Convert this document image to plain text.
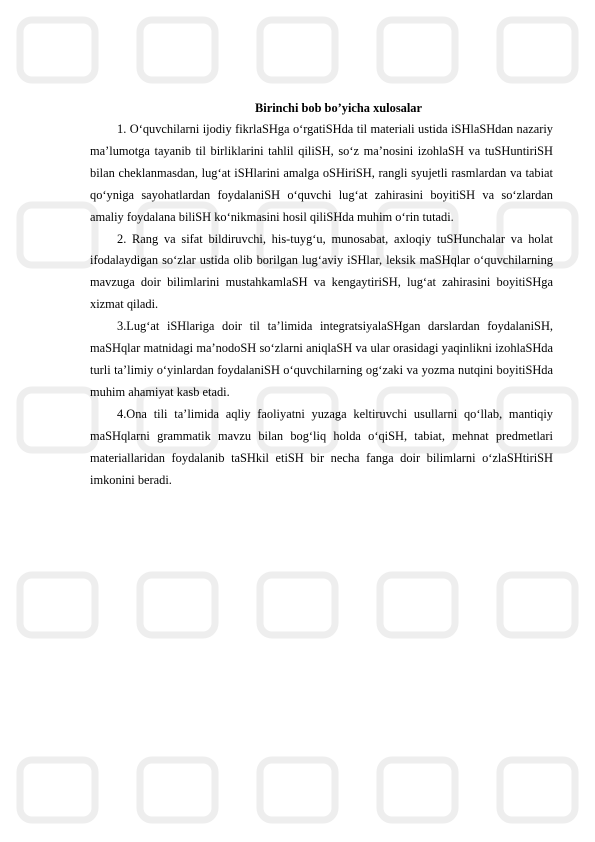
Birinchi bob bo’yicha xulosalar

1. O‘quvchilarni ijodiy fikrlaSHga o‘rgatiSHda til materiali ustida iSHlaSHdan nazariy ma’lumotga tayanib til birliklarini tahlil qiliSH, so‘z ma’nosini izohlaSH va tuSHuntiriSH bilan cheklanmasdan, lug‘at iSHlarini amalga oSHiriSH, rangli syujetli rasmlardan va tabiat qo‘yniga sayohatlardan foydalaniSH o‘quvchi lug‘at zahirasini boyitiSH va so‘zlardan amaliy foydalana biliSH ko‘nikmasini hosil qiliSHda muhim o‘rin tutadi.

2. Rang va sifat bildiruvchi, his-tuyg‘u, munosabat, axloqiy tuSHunchalar va holat ifodalaydigan so‘zlar ustida olib borilgan lug‘aviy iSHlar, leksik maSHqlar o‘quvchilarning mavzuga doir bilimlarini mustahkamlaSH va kengaytiriSH, lug‘at zahirasini boyitiSHga xizmat qiladi.

3.Lug‘at iSHlariga doir til ta’limida integratsiyalaSHgan darslardan foydalaniSH, maSHqlar matnidagi ma’nodoSH so‘zlarni aniqlaSH va ular orasidagi yaqinlikni izohlaSHda turli ta’limiy o‘yinlardan foydalaniSH o‘quvchilarning og‘zaki va yozma nutqini boyitiSHda muhim ahamiyat kasb etadi.

4.Ona tili ta’limida aqliy faoliyatni yuzaga keltiruvchi usullarni qo‘llab, mantiqiy maSHqlarni grammatik mavzu bilan bog‘liq holda o‘qiSH, tabiat, mehnat predmetlari materiallaridan foydalanib taSHkil etiSH bir necha fanga doir bilimlarni o‘zlaSHtiriSH imkonini beradi.
